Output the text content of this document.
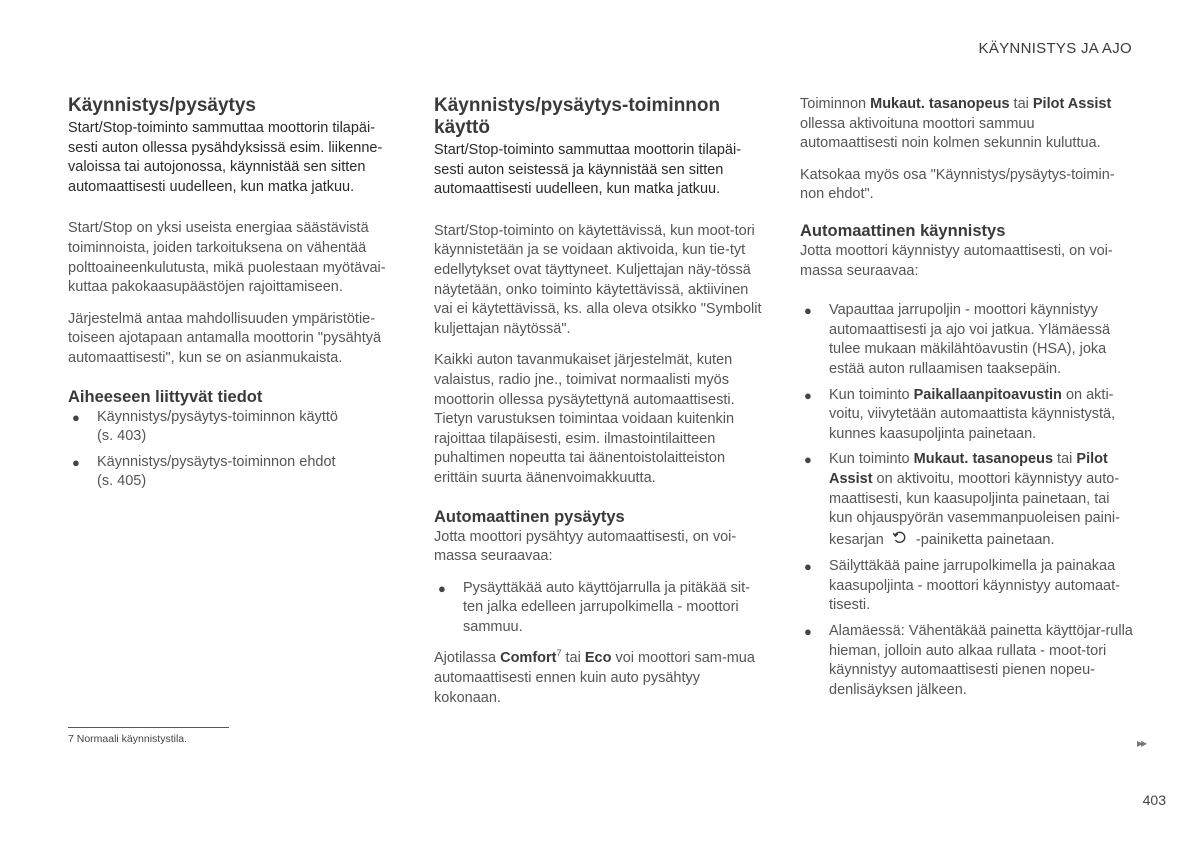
KÄYNNISTYS JA AJO
Käynnistys/pysäytys

Start/Stop-toiminto sammuttaa moottorin tilapäi-sesti auton ollessa pysähdyksissä esim. liikenne-valoissa tai autojonossa, käynnistää sen sitten automaattisesti uudelleen, kun matka jatkuu.

Start/Stop on yksi useista energiaa säästävistä toiminnoista, joiden tarkoituksena on vähentää polttoaineenkulutusta, mikä puolestaan myötävai-kuttaa pakokaasupäästöjen rajoittamiseen.

Järjestelmä antaa mahdollisuuden ympäristötie-toiseen ajotapaan antamalla moottorin "pysähtyä automaattisesti", kun se on asianmukaista.

Aiheeseen liittyvät tiedot
● Käynnistys/pysäytys-toiminnon käyttö
(s. 403)
● Käynnistys/pysäytys-toiminnon ehdot
(s. 405)
Käynnistys/pysäytys-toiminnon käyttö

Start/Stop-toiminto sammuttaa moottorin tilapäi-sesti auton seistessä ja käynnistää sen sitten automaattisesti uudelleen, kun matka jatkuu.

Start/Stop-toiminto on käytettävissä, kun moot-tori käynnistetään ja se voidaan aktivoida, kun tie-tyt edellytykset ovat täyttyneet. Kuljettajan näy-tössä näytetään, onko toiminto käytettävissä, aktiivinen vai ei käytettävissä, ks. alla oleva otsikko "Symbolit kuljettajan näytössä".

Kaikki auton tavanmukaiset järjestelmät, kuten valaistus, radio jne., toimivat normaalisti myös moottorin ollessa pysäytettynä automaattisesti. Tietyn varustuksen toimintaa voidaan kuitenkin rajoittaa tilapäisesti, esim. ilmastointilaitteen puhaltimen nopeutta tai äänentoistolaitteiston erittäin suurta äänenvoimakkuutta.

Automaattinen pysäytys

Jotta moottori pysähtyy automaattisesti, on voi-massa seuraavaa:

● Pysäyttäkää auto käyttöjarrulla ja pitäkää sit-ten jalka edelleen jarrupolkimella - moottori sammuu.

Ajotilassa Comfort$^7$ tai Eco voi moottori sam-mua automaattisesti ennen kuin auto pysähtyy kokonaan.

Toiminnon Mukaut. tasanopeus tai Pilot Assist ollessa aktivoituna moottori sammuu automaattisesti noin kolmen sekunnin kuluttua.

Katsokaa myös osa "Käynnistys/pysäytys-toimin-non ehdot".

Automaattinen käynnistys

Jotta moottori käynnistyy automaattisesti, on voi-massa seuraavaa:

● Vapauttaa jarrupoljin - moottori käynnistyy automaattisesti ja ajo voi jatkua. Ylämäessä tulee mukaan mäkilähtöavustin (HSA), joka estää auton rullaamisen taaksepäin.
● Kun toiminto Paikallaanpitoavustin on akti-voitu, viivytetään automaattista käynnistystä, kunnes kaasupoljinta painetaan.
● Kun toiminto Mukaut. tasanopeus tai Pilot Assist on aktivoitu, moottori käynnistyy auto-maattisesti, kun kaasupoljinta painetaan, tai kun ohjauspyörän vasemmanpuoleisen paini-kesarjan  -painiketta painetaan.
● Säilyttäkää paine jarrupolkimella ja painakaa kaasupoljinta - moottori käynnistyy automaat-tisesti.
● Alamäessä: Vähentäkää painetta käyttöjar-rulla hieman, jolloin auto alkaa rullata - moot-tori käynnistyy automaattisesti pienen nopeu-denlisäyksen jälkeen.
7 Normaali käynnistystila.	▸▸
403
